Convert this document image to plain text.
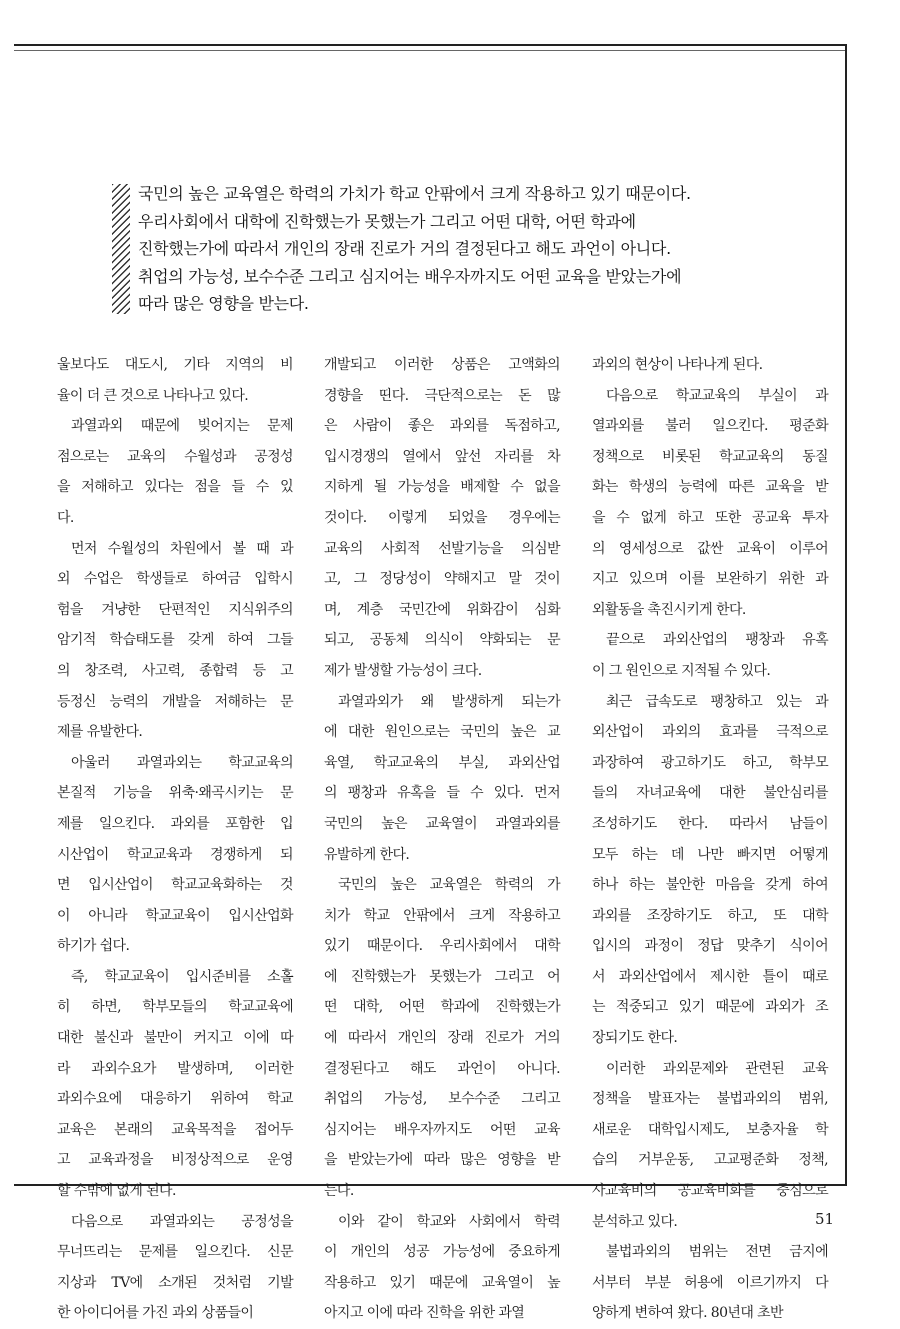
국민의 높은 교육열은 학력의 가치가 학교 안팎에서 크게 작용하고 있기 때문이다.
우리사회에서 대학에 진학했는가 못했는가 그리고 어떤 대학, 어떤 학과에
진학했는가에 따라서 개인의 장래 진로가 거의 결정된다고 해도 과언이 아니다.
취업의 가능성, 보수수준 그리고 심지어는 배우자까지도 어떤 교육을 받았는가에
따라 많은 영향을 받는다.
울보다도 대도시, 기타 지역의 비
율이 더 큰 것으로 나타나고 있다.
과열과외 때문에 빚어지는 문제
점으로는 교육의 수월성과 공정성
을 저해하고 있다는 점을 들 수 있
다.
먼저 수월성의 차원에서 볼 때 과
외 수업은 학생들로 하여금 입학시
험을 겨냥한 단편적인 지식위주의
암기적 학습태도를 갖게 하여 그들
의 창조력, 사고력, 종합력 등 고
등정신 능력의 개발을 저해하는 문
제를 유발한다.
아울러 과열과외는 학교교육의
본질적 기능을 위축·왜곡시키는 문
제를 일으킨다. 과외를 포함한 입
시산업이 학교교육과 경쟁하게 되
면 입시산업이 학교교육화하는 것
이 아니라 학교교육이 입시산업화
하기가 쉽다.
즉, 학교교육이 입시준비를 소홀
히 하면, 학부모들의 학교교육에
대한 불신과 불만이 커지고 이에 따
라 과외수요가 발생하며, 이러한
과외수요에 대응하기 위하여 학교
교육은 본래의 교육목적을 접어두
고 교육과정을 비정상적으로 운영
할 수밖에 없게 된다.
다음으로 과열과외는 공정성을
무너뜨리는 문제를 일으킨다. 신문
지상과 TV에 소개된 것처럼 기발
한 아이디어를 가진 과외 상품들이
개발되고 이러한 상품은 고액화의
경향을 띤다. 극단적으로는 돈 많
은 사람이 좋은 과외를 독점하고,
입시경쟁의 열에서 앞선 자리를 차
지하게 될 가능성을 배제할 수 없을
것이다. 이렇게 되었을 경우에는
교육의 사회적 선발기능을 의심받
고, 그 정당성이 약해지고 말 것이
며, 계층 국민간에 위화감이 심화
되고, 공동체 의식이 약화되는 문
제가 발생할 가능성이 크다.
과열과외가 왜 발생하게 되는가
에 대한 원인으로는 국민의 높은 교
육열, 학교교육의 부실, 과외산업
의 팽창과 유혹을 들 수 있다. 먼저
국민의 높은 교육열이 과열과외를
유발하게 한다.
국민의 높은 교육열은 학력의 가
치가 학교 안팎에서 크게 작용하고
있기 때문이다. 우리사회에서 대학
에 진학했는가 못했는가 그리고 어
떤 대학, 어떤 학과에 진학했는가
에 따라서 개인의 장래 진로가 거의
결정된다고 해도 과언이 아니다.
취업의 가능성, 보수수준 그리고
심지어는 배우자까지도 어떤 교육
을 받았는가에 따라 많은 영향을 받
는다.
이와 같이 학교와 사회에서 학력
이 개인의 성공 가능성에 중요하게
작용하고 있기 때문에 교육열이 높
아지고 이에 따라 진학을 위한 과열
과외의 현상이 나타나게 된다.
다음으로 학교교육의 부실이 과
열과외를 불러 일으킨다. 평준화
정책으로 비롯된 학교교육의 동질
화는 학생의 능력에 따른 교육을 받
을 수 없게 하고 또한 공교육 투자
의 영세성으로 값싼 교육이 이루어
지고 있으며 이를 보완하기 위한 과
외활동을 촉진시키게 한다.
끝으로 과외산업의 팽창과 유혹
이 그 원인으로 지적될 수 있다.
최근 급속도로 팽창하고 있는 과
외산업이 과외의 효과를 극적으로
과장하여 광고하기도 하고, 학부모
들의 자녀교육에 대한 불안심리를
조성하기도 한다. 따라서 남들이
모두 하는 데 나만 빠지면 어떻게
하나 하는 불안한 마음을 갖게 하여
과외를 조장하기도 하고, 또 대학
입시의 과정이 정답 맞추기 식이어
서 과외산업에서 제시한 틀이 때로
는 적중되고 있기 때문에 과외가 조
장되기도 한다.
이러한 과외문제와 관련된 교육
정책을 발표자는 불법과외의 범위,
새로운 대학입시제도, 보충자율 학
습의 거부운동, 고교평준화 정책,
사교육비의 공교육비화를 중심으로
분석하고 있다.
불법과외의 범위는 전면 금지에
서부터 부분 허용에 이르기까지 다
양하게 변하여 왔다. 80년대 초반
51
